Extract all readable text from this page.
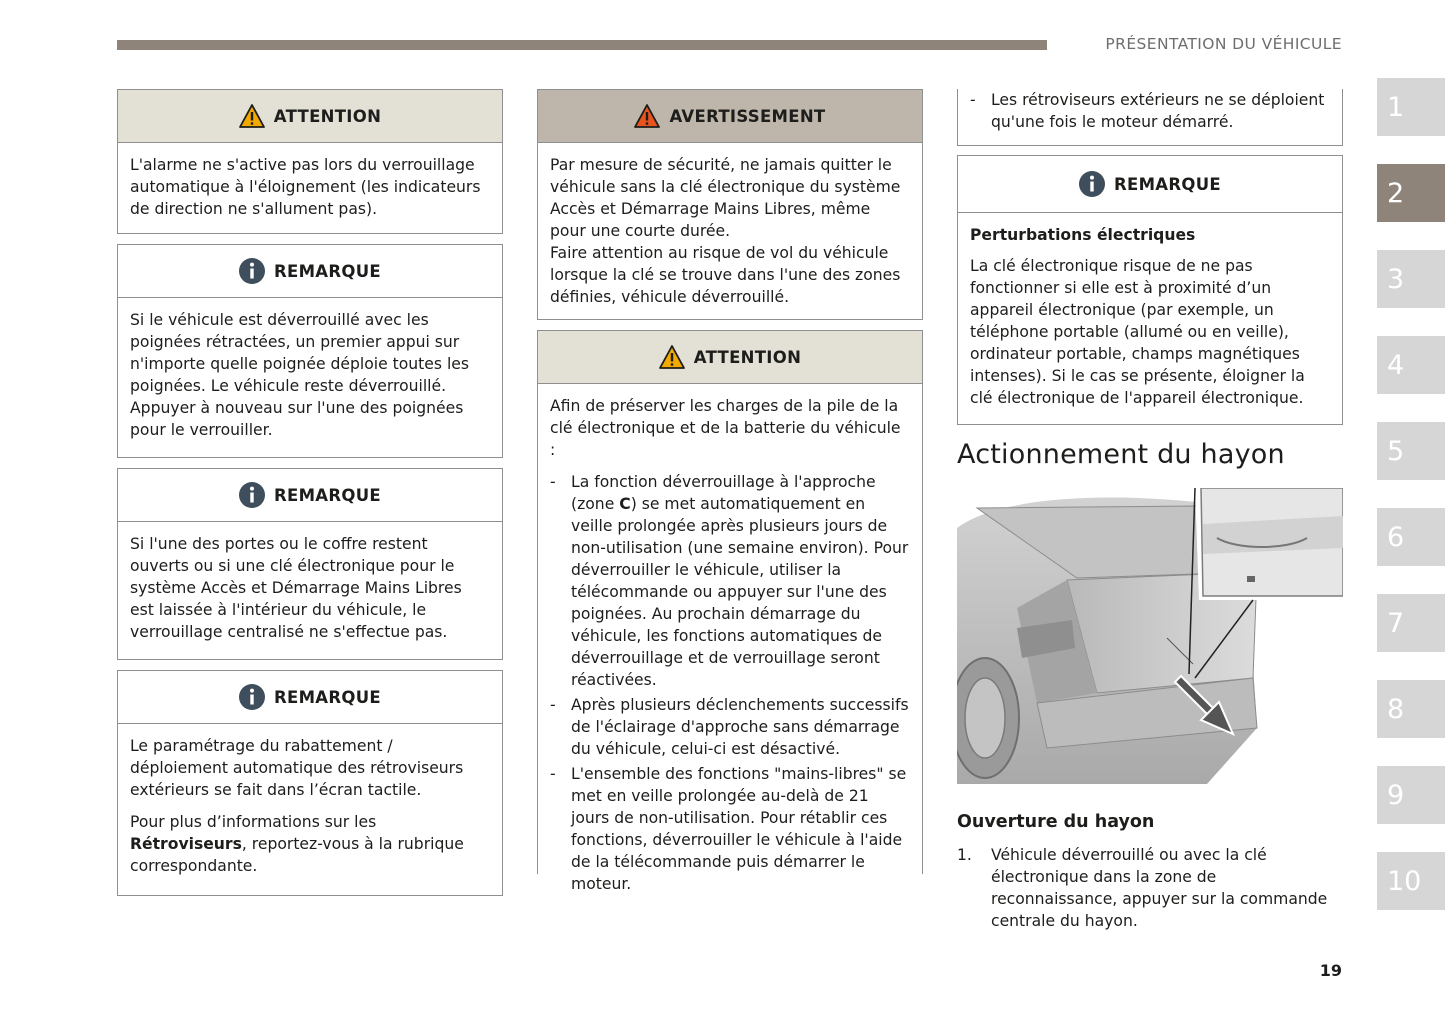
PRÉSENTATION DU VÉHICULE
ATTENTION

L'alarme ne s'active pas lors du verrouillage automatique à l'éloignement (les indicateurs de direction ne s'allument pas).

REMARQUE

Si le véhicule est déverrouillé avec les poignées rétractées, un premier appui sur n'importe quelle poignée déploie toutes les poignées. Le véhicule reste déverrouillé. Appuyer à nouveau sur l'une des poignées pour le verrouiller.

REMARQUE

Si l'une des portes ou le coffre restent ouverts ou si une clé électronique pour le système Accès et Démarrage Mains Libres est laissée à l'intérieur du véhicule, le verrouillage centralisé ne s'effectue pas.

REMARQUE

Le paramétrage du rabattement / déploiement automatique des rétroviseurs extérieurs se fait dans l’écran tactile.

Pour plus d’informations sur les Rétroviseurs, reportez-vous à la rubrique correspondante.

AVERTISSEMENT

Par mesure de sécurité, ne jamais quitter le véhicule sans la clé électronique du système Accès et Démarrage Mains Libres, même pour une courte durée.

Faire attention au risque de vol du véhicule lorsque la clé se trouve dans l'une des zones définies, véhicule déverrouillé.

ATTENTION

Afin de préserver les charges de la pile de la clé électronique et de la batterie du véhicule :

- La fonction déverrouillage à l'approche (zone C) se met automatiquement en veille prolongée après plusieurs jours de non-utilisation (une semaine environ). Pour déverrouiller le véhicule, utiliser la télécommande ou appuyer sur l'une des poignées. Au prochain démarrage du véhicule, les fonctions automatiques de déverrouillage et de verrouillage seront réactivées.
- Après plusieurs déclenchements successifs de l'éclairage d'approche sans démarrage du véhicule, celui-ci est désactivé.
- L'ensemble des fonctions "mains-libres" se met en veille prolongée au-delà de 21 jours de non-utilisation. Pour rétablir ces fonctions, déverrouiller le véhicule à l'aide de la télécommande puis démarrer le moteur.
- Les rétroviseurs extérieurs ne se déploient qu'une fois le moteur démarré.
REMARQUE

Perturbations électriques

La clé électronique risque de ne pas fonctionner si elle est à proximité d’un appareil électronique (par exemple, un téléphone portable (allumé ou en veille), ordinateur portable, champs magnétiques intenses). Si le cas se présente, éloigner la clé électronique de l'appareil électronique.

Actionnement du hayon
Ouverture du hayon
1. Véhicule déverrouillé ou avec la clé électronique dans la zone de reconnaissance, appuyer sur la commande centrale du hayon.
1
2
3
4
5
6
7
8
9
10
19
